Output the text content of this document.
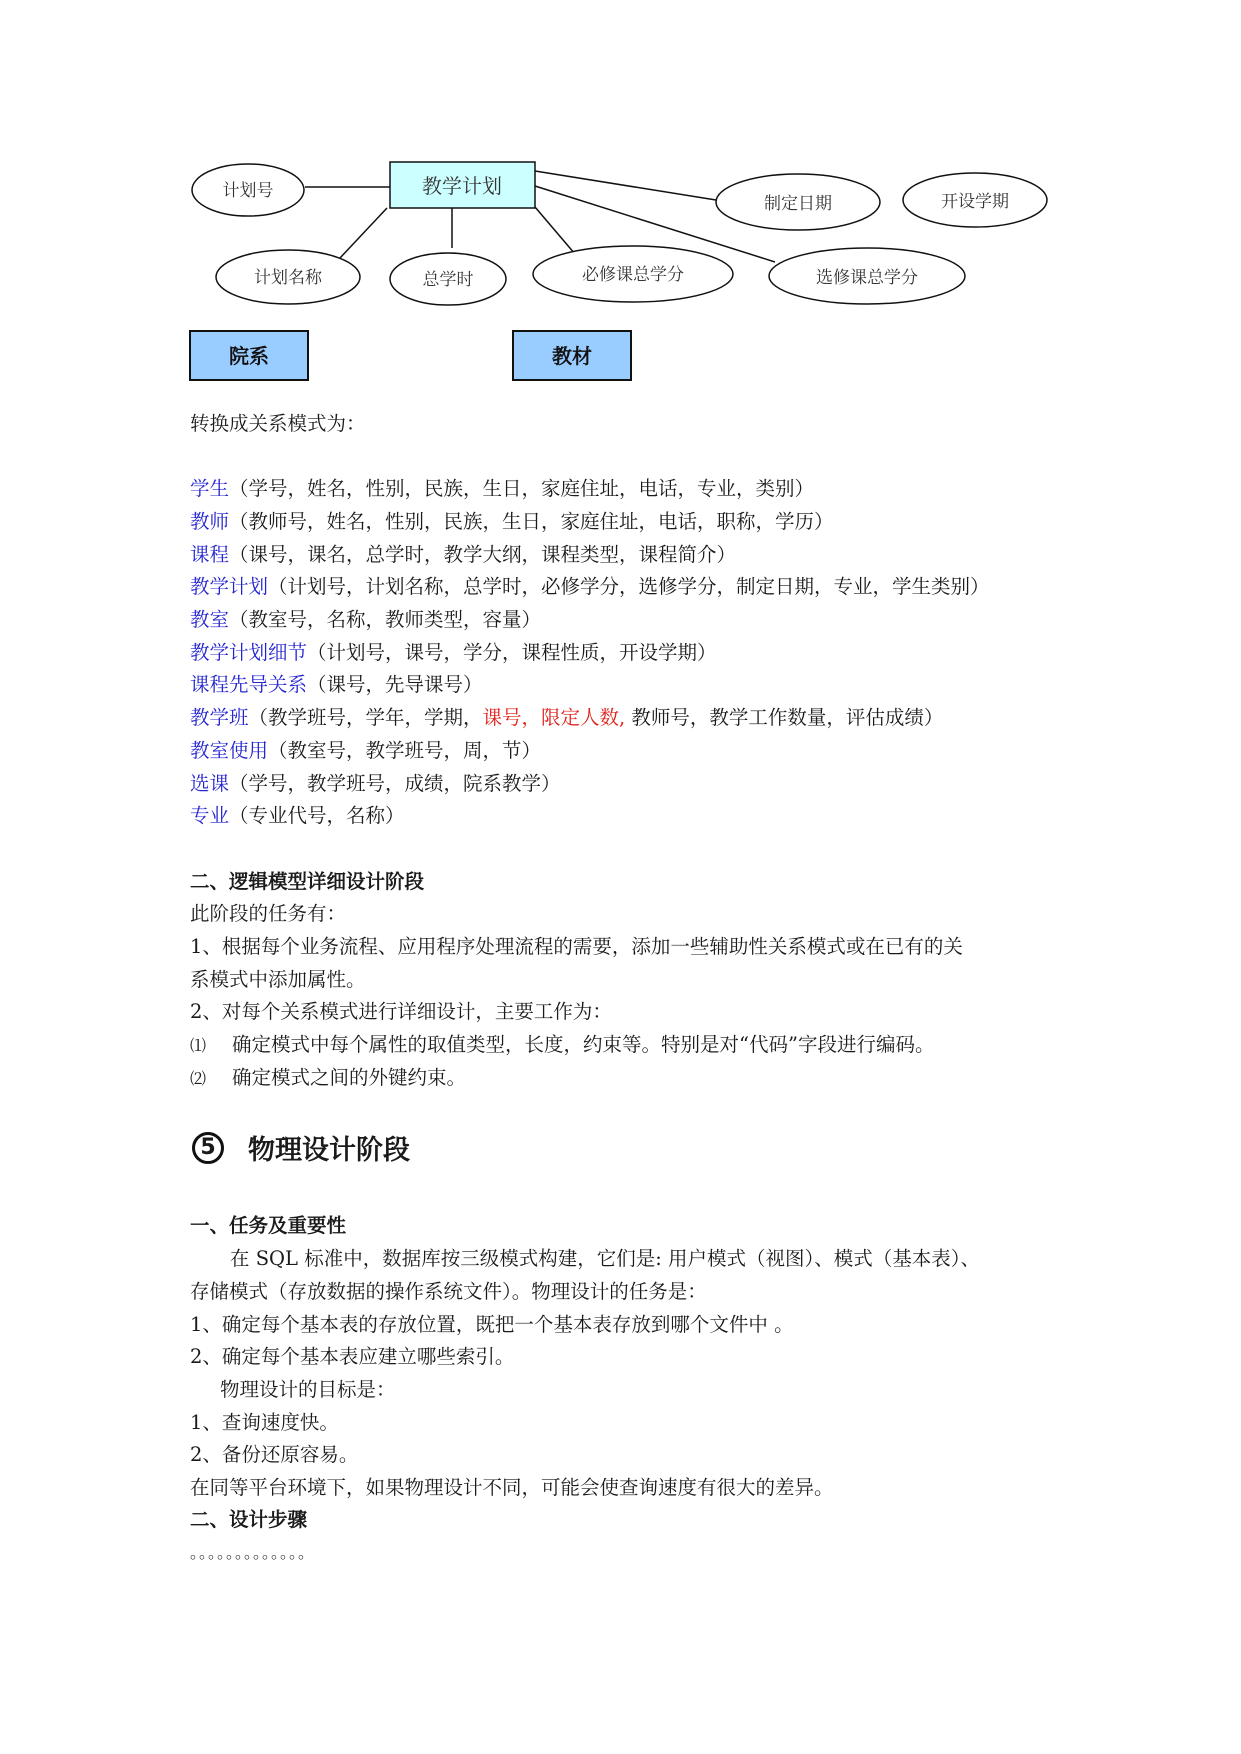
教学计划
计划号
计划名称	总学时	必修课总学分
制定日期	开设学期
选修课总学分
院系	教材
转换成关系模式为：
学生（学号，姓名，性别，民族，生日，家庭住址，电话，专业，类别）
教师（教师号，姓名，性别，民族，生日，家庭住址，电话，职称，学历）
课程（课号，课名，总学时，教学大纲，课程类型，课程简介）
教学计划（计划号，计划名称，总学时，必修学分，选修学分，制定日期，专业，学生类别）
教室（教室号，名称，教师类型，容量）
教学计划细节（计划号，课号，学分，课程性质，开设学期）
课程先导关系（课号，先导课号）
教学班（教学班号，学年，学期，课号，限定人数, 教师号，教学工作数量，评估成绩）
教室使用（教室号，教学班号，周，节）
选课（学号，教学班号，成绩，院系教学）
专业（专业代号，名称）
二、逻辑模型详细设计阶段
此阶段的任务有：
1、根据每个业务流程、应用程序处理流程的需要，添加一些辅助性关系模式或在已有的关
系模式中添加属性。
2、对每个关系模式进行详细设计，主要工作为：
⑴ 确定模式中每个属性的取值类型，长度，约束等。特别是对“代码”字段进行编码。
⑵ 确定模式之间的外键约束。
5	物理设计阶段
一、任务及重要性
在 SQL 标准中，数据库按三级模式构建，它们是: 用户模式（视图）、模式（基本表）、
存储模式（存放数据的操作系统文件）。物理设计的任务是：
1、确定每个基本表的存放位置，既把一个基本表存放到哪个文件中 。
2、确定每个基本表应建立哪些索引。
物理设计的目标是：
1、查询速度快。
2、备份还原容易。
在同等平台环境下，如果物理设计不同，可能会使查询速度有很大的差异。
二、设计步骤
。。。。。。。。。。。。。
